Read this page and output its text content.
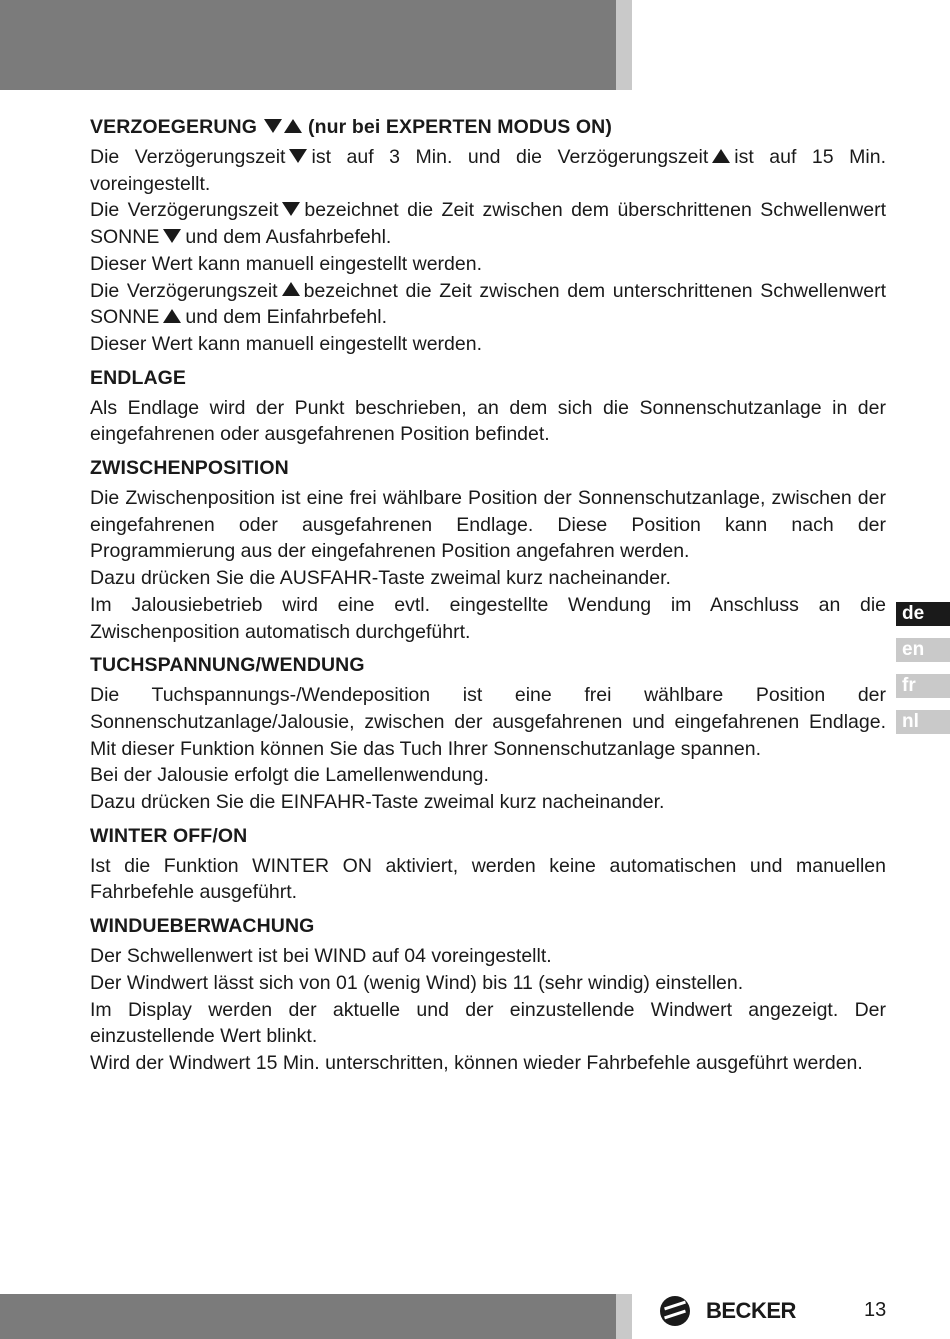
VERZOEGERUNG	(nur bei EXPERTEN MODUS ON)

Die Verzögerungszeit ist auf 3 Min. und die Verzögerungszeit ist auf 15 Min. voreingestellt.

Die Verzögerungszeit bezeichnet die Zeit zwischen dem überschrittenen Schwellenwert SONNE und dem Ausfahrbefehl.

Dieser Wert kann manuell eingestellt werden.

Die Verzögerungszeit bezeichnet die Zeit zwischen dem unterschrittenen Schwellenwert SONNE und dem Einfahrbefehl.

Dieser Wert kann manuell eingestellt werden.

ENDLAGE

Als Endlage wird der Punkt beschrieben, an dem sich die Sonnenschutzanlage in der eingefahrenen oder ausgefahrenen Position befindet.

ZWISCHENPOSITION

Die Zwischenposition ist eine frei wählbare Position der Sonnenschutzanlage, zwischen der eingefahrenen oder ausgefahrenen Endlage. Diese Position kann nach der Programmierung aus der eingefahrenen Position angefahren werden.

Dazu drücken Sie die AUSFAHR-Taste zweimal kurz nacheinander.

Im Jalousiebetrieb wird eine evtl. eingestellte Wendung im Anschluss an die Zwischenposition automatisch durchgeführt.

TUCHSPANNUNG/WENDUNG

Die Tuchspannungs-/Wendeposition ist eine frei wählbare Position der Sonnenschutzanlage/Jalousie, zwischen der ausgefahrenen und eingefahrenen Endlage. Mit dieser Funktion können Sie das Tuch Ihrer Sonnenschutzanlage spannen.

Bei der Jalousie erfolgt die Lamellenwendung.

Dazu drücken Sie die EINFAHR-Taste zweimal kurz nacheinander.

WINTER OFF/ON

Ist die Funktion WINTER ON aktiviert, werden keine automatischen und manuellen Fahrbefehle ausgeführt.

WINDUEBERWACHUNG

Der Schwellenwert ist bei WIND auf 04 voreingestellt.

Der Windwert lässt sich von 01 (wenig Wind) bis 11 (sehr windig) einstellen.

Im Display werden der aktuelle und der einzustellende Windwert angezeigt. Der einzustellende Wert blinkt.

Wird der Windwert 15 Min. unterschritten, können wieder Fahrbefehle ausgeführt werden.

de
en
fr
nl
BECKER	13
